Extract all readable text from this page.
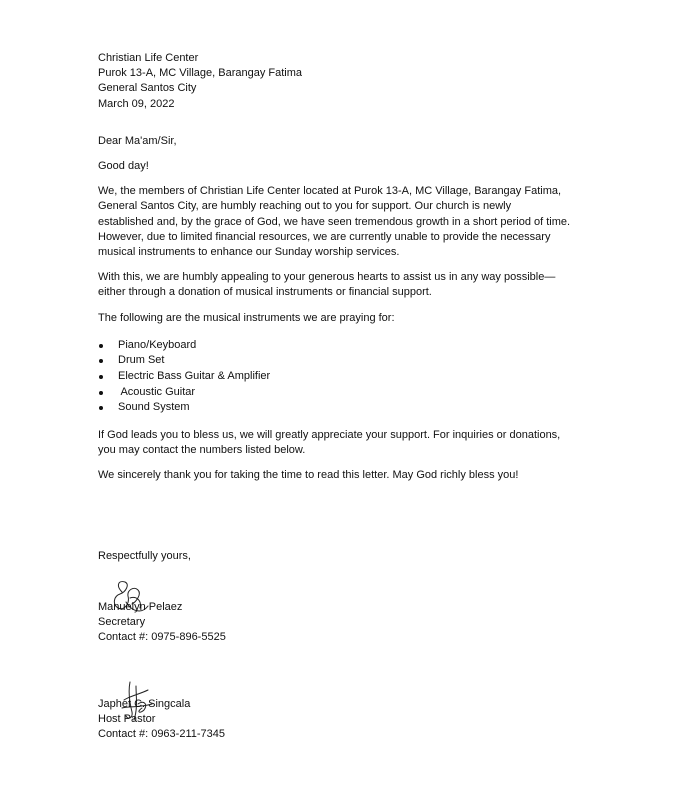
Christian Life Center
Purok 13-A, MC Village, Barangay Fatima
General Santos City
March 09, 2022

Dear Ma'am/Sir,

Good day!

We, the members of Christian Life Center located at Purok 13-A, MC Village, Barangay Fatima,
General Santos City, are humbly reaching out to you for support. Our church is newly
established and, by the grace of God, we have seen tremendous growth in a short period of time.
However, due to limited financial resources, we are currently unable to provide the necessary
musical instruments to enhance our Sunday worship services.

With this, we are humbly appealing to your generous hearts to assist us in any way possible—
either through a donation of musical instruments or financial support.

The following are the musical instruments we are praying for:

Piano/Keyboard
Drum Set
Electric Bass Guitar & Amplifier
Acoustic Guitar
Sound System

If God leads you to bless us, we will greatly appreciate your support. For inquiries or donations,
you may contact the numbers listed below.

We sincerely thank you for taking the time to read this letter. May God richly bless you!

Respectfully yours,
Manuelyn Pelaez
Secretary
Contact #: 0975-896-5525
Japhet C. Singcala
Host Pastor
Contact #: 0963-211-7345
